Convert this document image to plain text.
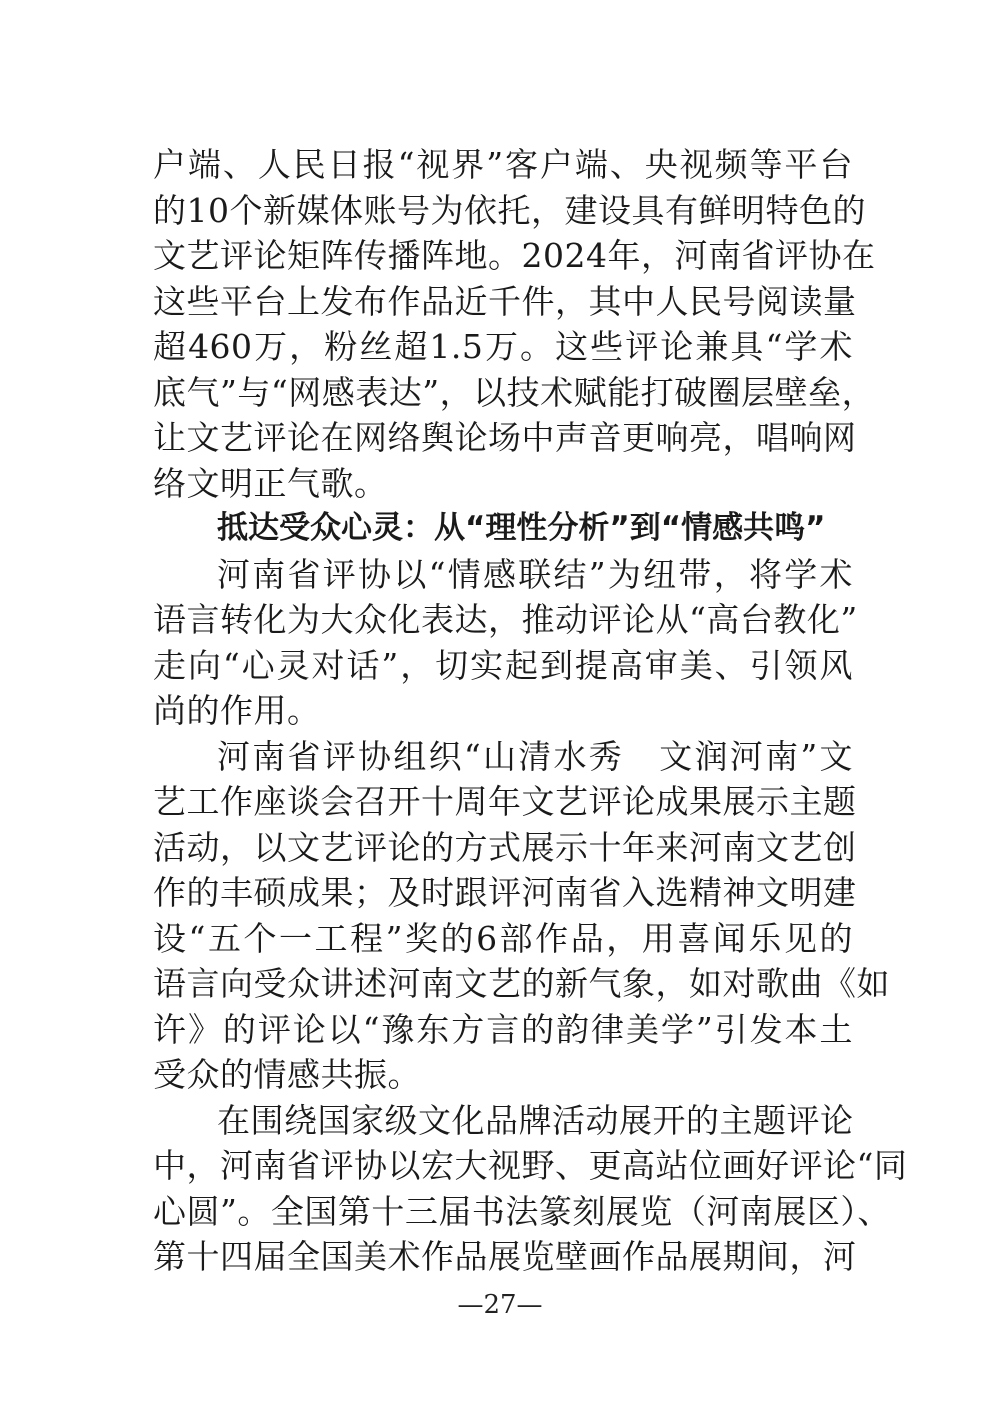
户端、人民日报“视界”客户端、央视频等平台
的10个新媒体账号为依托，建设具有鲜明特色的
文艺评论矩阵传播阵地。2024年，河南省评协在
这些平台上发布作品近千件，其中人民号阅读量
超460万，粉丝超1.5万。这些评论兼具“学术
底气”与“网感表达”，以技术赋能打破圈层壁垒，
让文艺评论在网络舆论场中声音更响亮，唱响网
络文明正气歌。
抵达受众心灵：从“理性分析”到“情感共鸣”
河南省评协以“情感联结”为纽带，将学术
语言转化为大众化表达，推动评论从“高台教化”
走向“心灵对话”，切实起到提高审美、引领风
尚的作用。
河南省评协组织“山清水秀　文润河南”文
艺工作座谈会召开十周年文艺评论成果展示主题
活动，以文艺评论的方式展示十年来河南文艺创
作的丰硕成果；及时跟评河南省入选精神文明建
设“五个一工程”奖的6部作品，用喜闻乐见的
语言向受众讲述河南文艺的新气象，如对歌曲《如
许》的评论以“豫东方言的韵律美学”引发本土
受众的情感共振。
在围绕国家级文化品牌活动展开的主题评论
中，河南省评协以宏大视野、更高站位画好评论“同
心圆”。全国第十三届书法篆刻展览（河南展区）、
第十四届全国美术作品展览壁画作品展期间，河
—27—
